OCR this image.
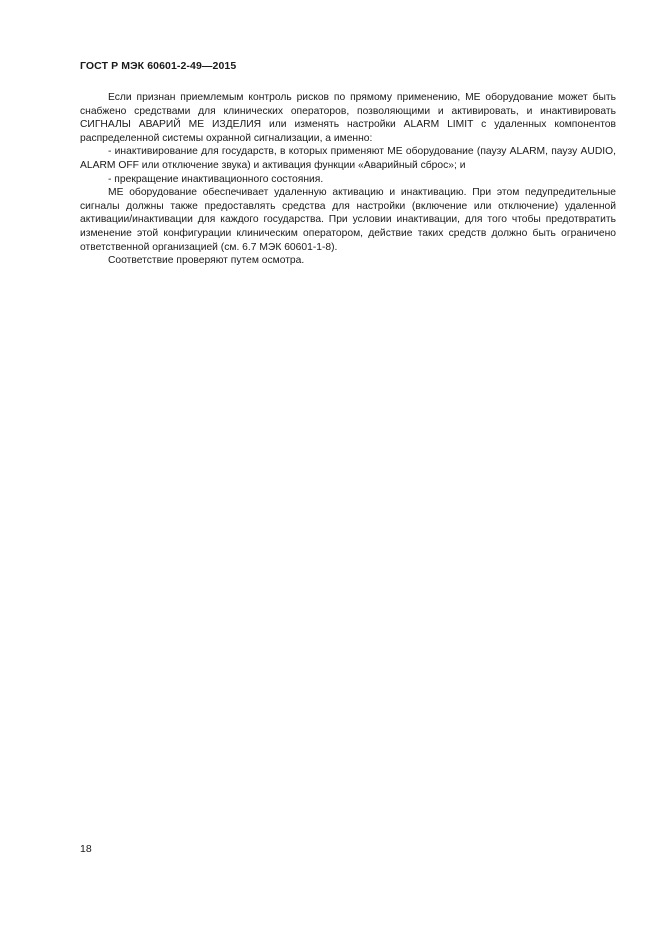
ГОСТ Р МЭК 60601-2-49—2015

Если признан приемлемым контроль рисков по прямому применению, МЕ оборудование может быть снабжено средствами для клинических операторов, позволяющими и активировать, и инактивировать СИГНАЛЫ АВАРИЙ МЕ ИЗДЕЛИЯ или изменять настройки ALARM LIMIT с удаленных компонентов распределенной системы охранной сигнализации, а именно:

- инактивирование для государств, в которых применяют МЕ оборудование (паузу ALARM, паузу AUDIO, ALARM OFF или отключение звука) и активация функции «Аварийный сброс»; и

- прекращение инактивационного состояния.

МЕ оборудование обеспечивает удаленную активацию и инактивацию. При этом педупредительные сигналы должны также предоставлять средства для настройки (включение или отключение) удаленной активации/инактивации для каждого государства. При условии инактивации, для того чтобы предотвратить изменение этой конфигурации клиническим оператором, действие таких средств должно быть ограничено ответственной организацией (см. 6.7 МЭК 60601-1-8).

Соответствие проверяют путем осмотра.

18
